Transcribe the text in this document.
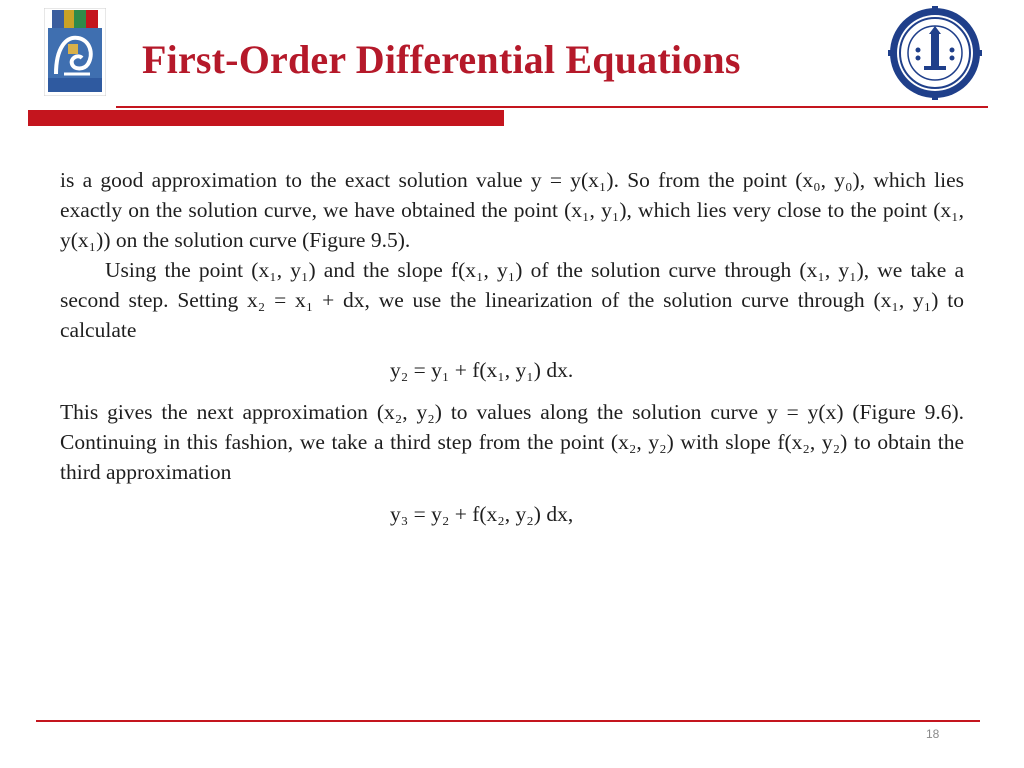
First-Order Differential Equations

is a good approximation to the exact solution value y = y(x₁). So from the point (x₀, y₀), which lies exactly on the solution curve, we have obtained the point (x₁, y₁), which lies very close to the point (x₁, y(x₁)) on the solution curve (Figure 9.5).

Using the point (x₁, y₁) and the slope f(x₁, y₁) of the solution curve through (x₁, y₁), we take a second step. Setting x₂ = x₁ + dx, we use the linearization of the solution curve through (x₁, y₁) to calculate

y₂ = y₁ + f(x₁, y₁) dx.

This gives the next approximation (x₂, y₂) to values along the solution curve y = y(x) (Figure 9.6). Continuing in this fashion, we take a third step from the point (x₂, y₂) with slope f(x₂, y₂) to obtain the third approximation

y₃ = y₂ + f(x₂, y₂) dx,
18
